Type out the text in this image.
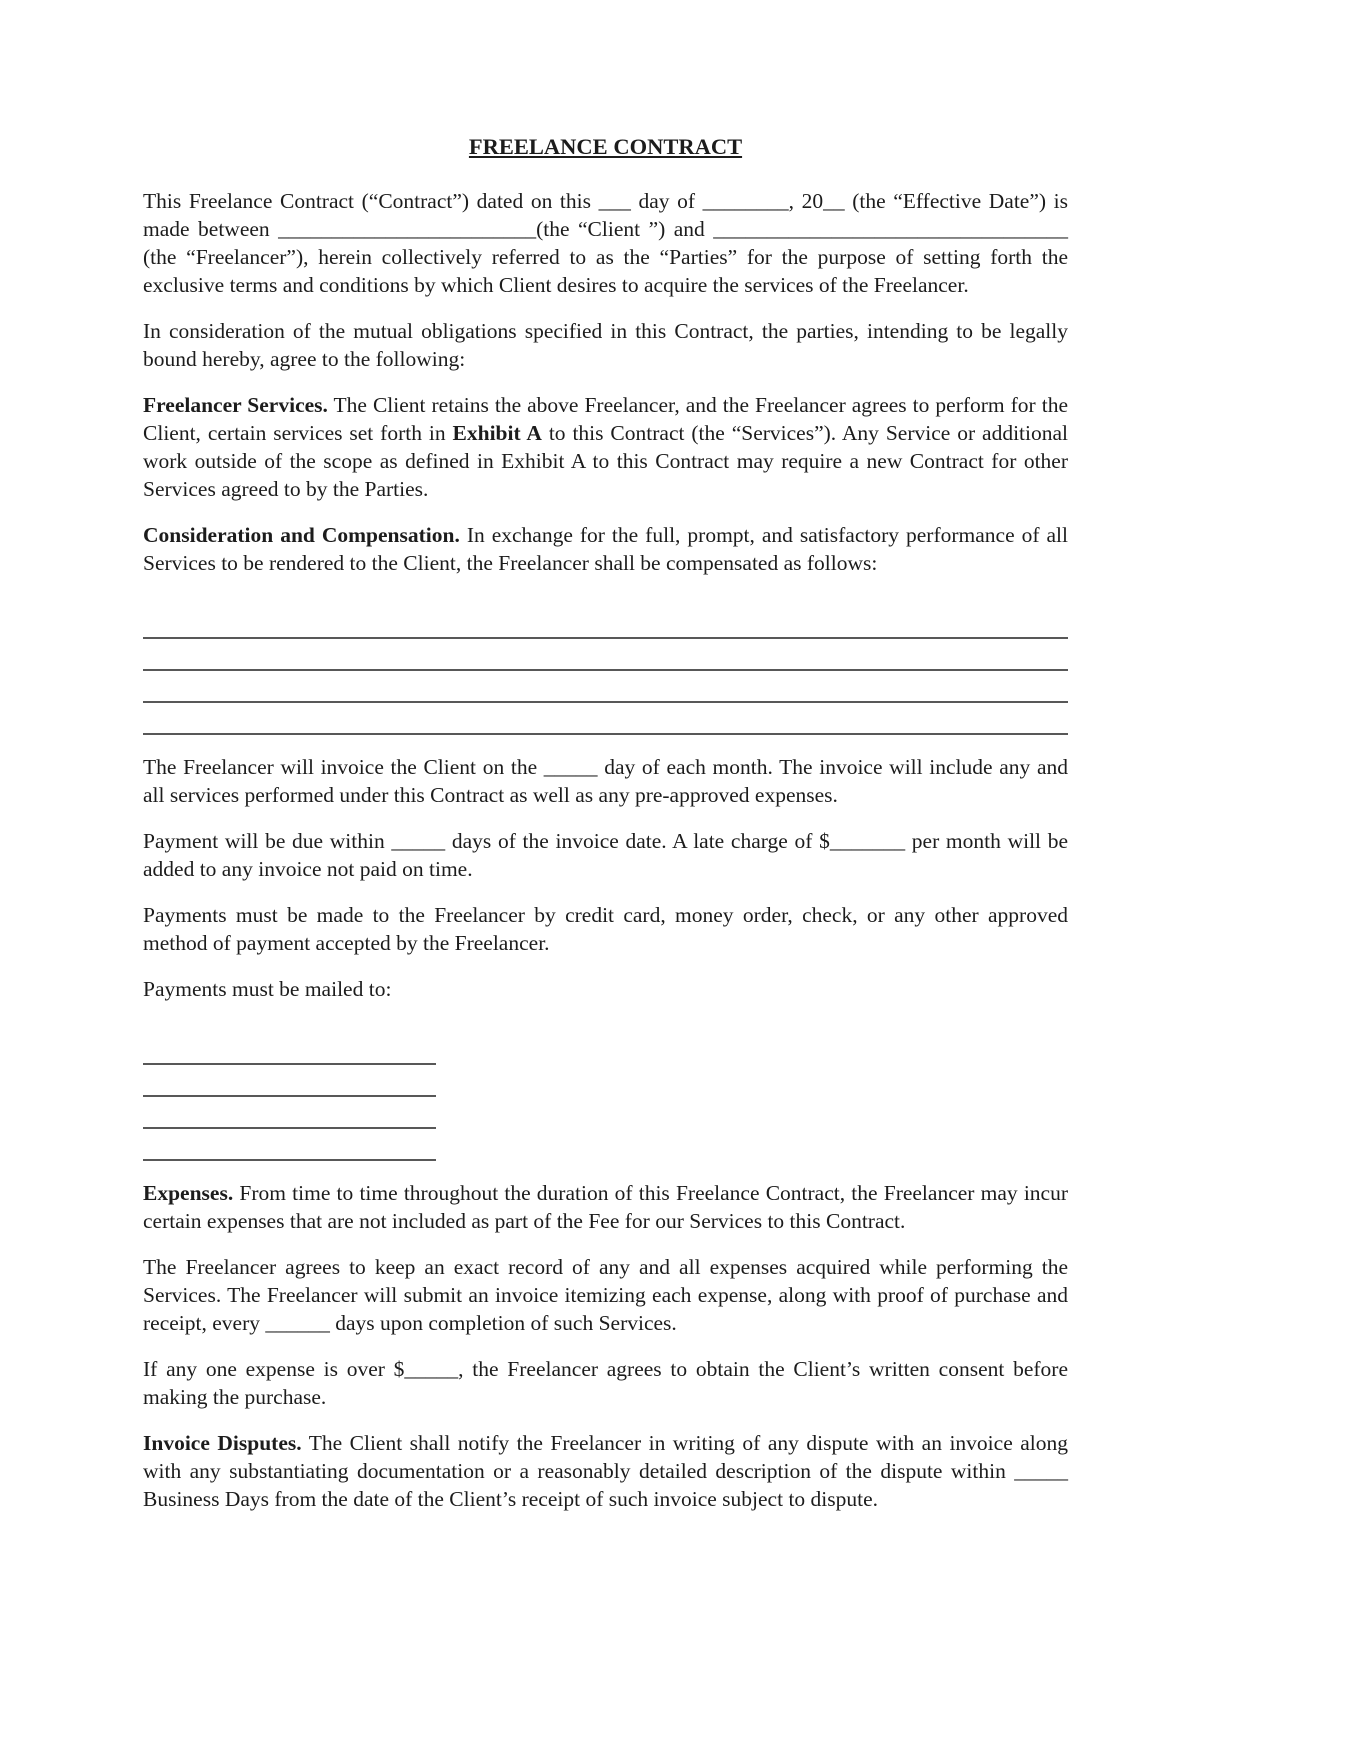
FREELANCE CONTRACT

This Freelance Contract (“Contract”) dated on this ___ day of ________, 20__ (the “Effective Date”) is made between ________________________(the “Client ”) and _________________________________ (the “Freelancer”), herein collectively referred to as the “Parties” for the purpose of setting forth the exclusive terms and conditions by which Client desires to acquire the services of the Freelancer.

In consideration of the mutual obligations specified in this Contract, the parties, intending to be legally bound hereby, agree to the following:

Freelancer Services. The Client retains the above Freelancer, and the Freelancer agrees to perform for the Client, certain services set forth in Exhibit A to this Contract (the “Services”). Any Service or additional work outside of the scope as defined in Exhibit A to this Contract may require a new Contract for other Services agreed to by the Parties.

Consideration and Compensation. In exchange for the full, prompt, and satisfactory performance of all Services to be rendered to the Client, the Freelancer shall be compensated as follows:

The Freelancer will invoice the Client on the _____ day of each month. The invoice will include any and all services performed under this Contract as well as any pre-approved expenses.

Payment will be due within _____ days of the invoice date. A late charge of $_______ per month will be added to any invoice not paid on time.

Payments must be made to the Freelancer by credit card, money order, check, or any other approved method of payment accepted by the Freelancer.

Payments must be mailed to:

Expenses. From time to time throughout the duration of this Freelance Contract, the Freelancer may incur certain expenses that are not included as part of the Fee for our Services to this Contract.

The Freelancer agrees to keep an exact record of any and all expenses acquired while performing the Services. The Freelancer will submit an invoice itemizing each expense, along with proof of purchase and receipt, every ______ days upon completion of such Services.

If any one expense is over $_____, the Freelancer agrees to obtain the Client’s written consent before making the purchase.

Invoice Disputes. The Client shall notify the Freelancer in writing of any dispute with an invoice along with any substantiating documentation or a reasonably detailed description of the dispute within _____ Business Days from the date of the Client’s receipt of such invoice subject to dispute.
